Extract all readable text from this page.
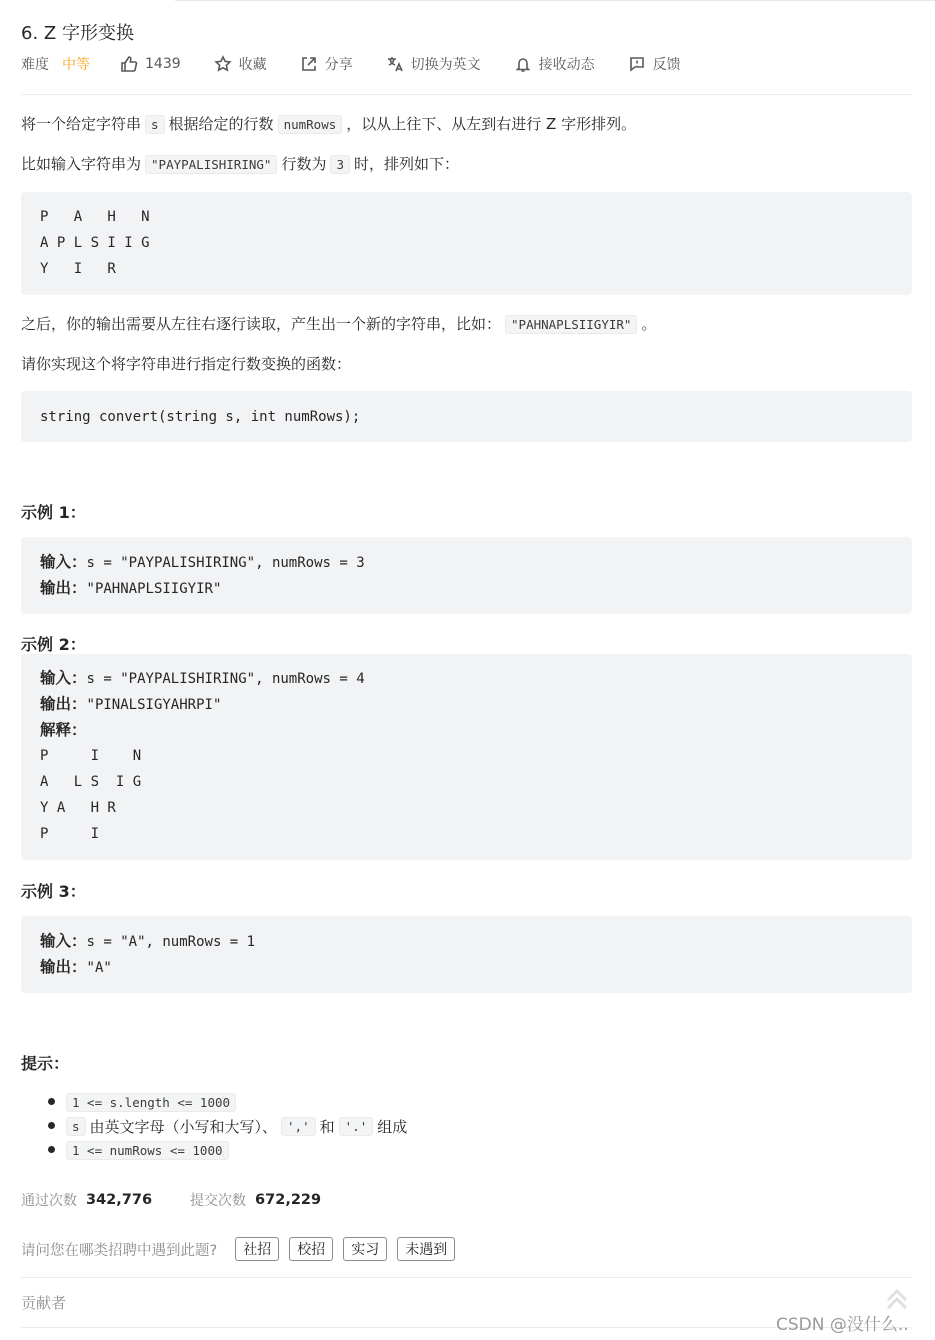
6. Z 字形变换
难度 中等	1439	收藏	分享	切换为英文	接收动态	反馈

将一个给定字符串 s 根据给定的行数 numRows ，以从上往下、从左到右进行 Z 字形排列。

比如输入字符串为 "PAYPALISHIRING" 行数为 3 时，排列如下：

P   A   H   N
A P L S I I G
Y   I   R

之后，你的输出需要从左往右逐行读取，产生出一个新的字符串，比如： "PAHNAPLSIIGYIR" 。

请你实现这个将字符串进行指定行数变换的函数：

string convert(string s, int numRows);
示例 1：
输入：s = "PAYPALISHIRING", numRows = 3
输出："PAHNAPLSIIGYIR"
示例 2：
输入：s = "PAYPALISHIRING", numRows = 4
输出："PINALSIGYAHRPI"
解释：
P     I    N
A   L S  I G
Y A   H R
P     I
示例 3：
输入：s = "A", numRows = 1
输出："A"
提示：
1 <= s.length <= 1000
s 由英文字母（小写和大写）、 ',' 和 '.' 组成
1 <= numRows <= 1000
通过次数 342,776	提交次数 672,229
请问您在哪类招聘中遇到此题?	社招	校招	实习	未遇到
贡献者
CSDN @没什么..
